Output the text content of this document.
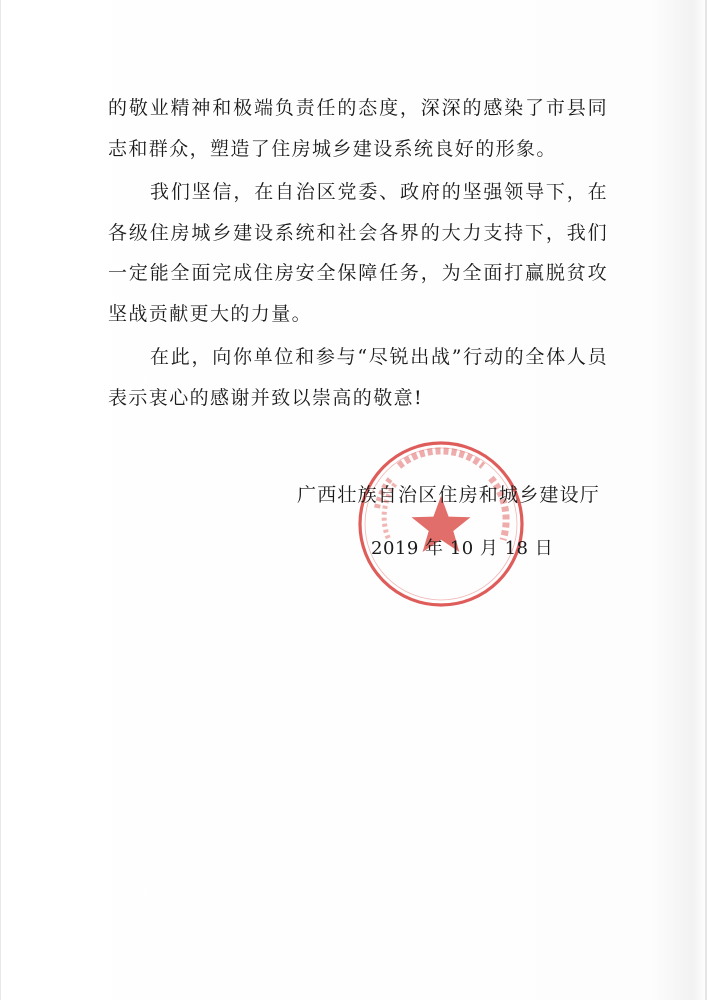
的敬业精神和极端负责任的态度，深深的感染了市县同志和群众，塑造了住房城乡建设系统良好的形象。

我们坚信，在自治区党委、政府的坚强领导下，在各级住房城乡建设系统和社会各界的大力支持下，我们一定能全面完成住房安全保障任务，为全面打赢脱贫攻坚战贡献更大的力量。

在此，向你单位和参与“尽锐出战”行动的全体人员表示衷心的感谢并致以崇高的敬意!

广西壮族自治区住房和城乡建设厅
2019 年 10 月 18 日
